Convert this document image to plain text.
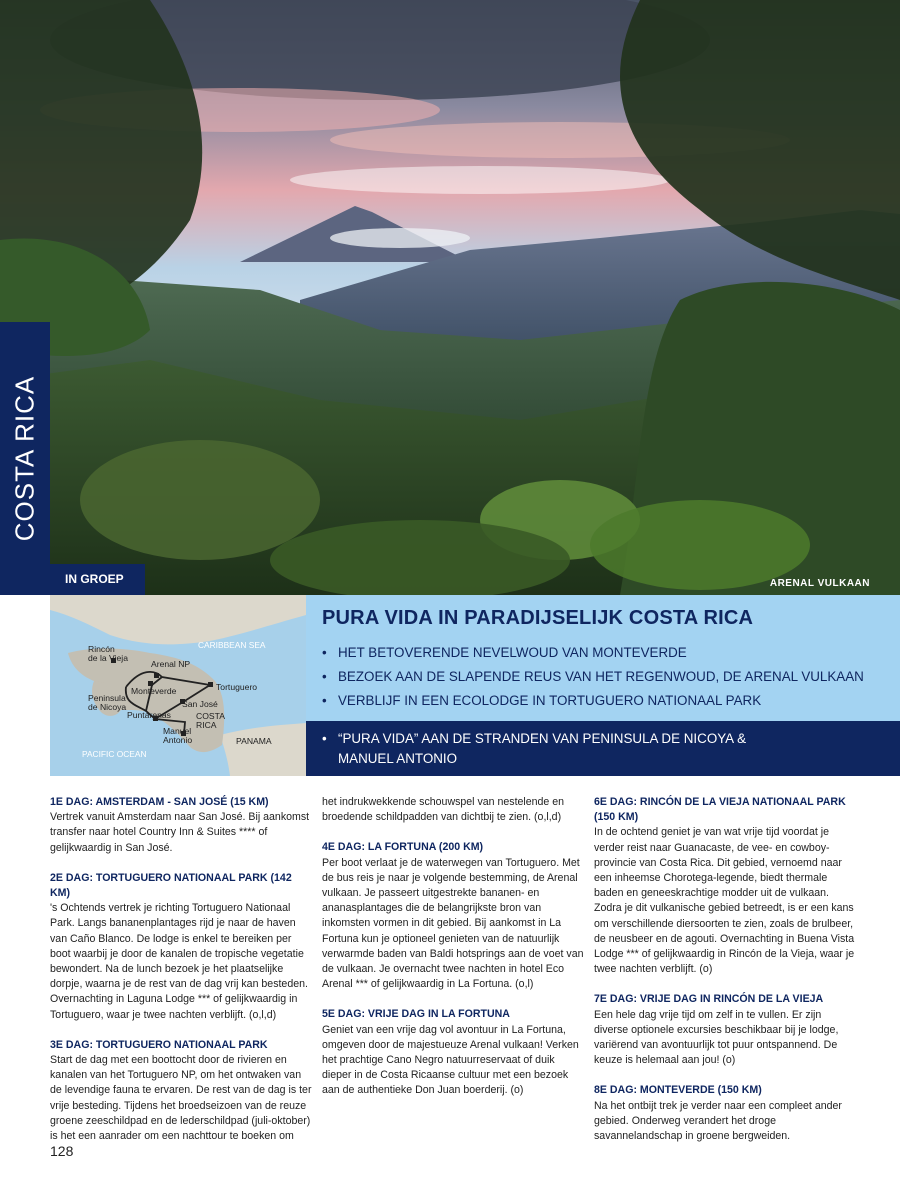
ARENAL VULKAAN
COSTA RICA
IN GROEP
CARIBBEAN SEA
PACIFIC OCEAN
COSTA RICA
PANAMA
Rincón de la Vieja
Arenal NP
Tortuguero
Monteverde
Peninsula de Nicoya	San José
Puntarenas
Manuel Antonio
PURA VIDA IN PARADIJSELIJK COSTA RICA
• HET BETOVERENDE NEVELWOUD VAN MONTEVERDE
• BEZOEK AAN DE SLAPENDE REUS VAN HET REGENWOUD, DE ARENAL VULKAAN
• VERBLIJF IN EEN ECOLODGE IN TORTUGUERO NATIONAAL PARK
• “PURA VIDA” AAN DE STRANDEN VAN PENINSULA DE NICOYA & MANUEL ANTONIO
1E DAG: AMSTERDAM - SAN JOSÉ (15 KM)

Vertrek vanuit Amsterdam naar San José. Bij aankomst transfer naar hotel Country Inn & Suites **** of gelijkwaardig in San José.

2E DAG: TORTUGUERO NATIONAAL PARK (142 KM)

's Ochtends vertrek je richting Tortuguero Nationaal Park. Langs bananenplantages rijd je naar de haven van Caño Blanco. De lodge is enkel te bereiken per boot waarbij je door de kanalen de tropische vegetatie bewondert. Na de lunch bezoek je het plaatselijke dorpje, waarna je de rest van de dag vrij kan besteden. Overnachting in Laguna Lodge *** of gelijkwaardig in Tortuguero, waar je twee nachten verblijft. (o,l,d)

3E DAG: TORTUGUERO NATIONAAL PARK

Start de dag met een boottocht door de rivieren en kanalen van het Tortuguero NP, om het ontwaken van de levendige fauna te ervaren. De rest van de dag is ter vrije besteding. Tijdens het broedseizoen van de reuze groene zeeschildpad en de lederschildpad (juli-oktober) is het een aanrader om een nachttour te boeken om

het indrukwekkende schouwspel van nestelende en broedende schildpadden van dichtbij te zien. (o,l,d)

4E DAG: LA FORTUNA (200 KM)

Per boot verlaat je de waterwegen van Tortuguero. Met de bus reis je naar je volgende bestemming, de Arenal vulkaan. Je passeert uitgestrekte bananen- en ananasplantages die de belangrijkste bron van inkomsten vormen in dit gebied. Bij aankomst in La Fortuna kun je optioneel genieten van de natuurlijk verwarmde baden van Baldi hotsprings aan de voet van de vulkaan. Je overnacht twee nachten in hotel Eco Arenal *** of gelijkwaardig in La Fortuna. (o,l)

5E DAG: VRIJE DAG IN LA FORTUNA

Geniet van een vrije dag vol avontuur in La Fortuna, omgeven door de majestueuze Arenal vulkaan! Verken het prachtige Cano Negro natuurreservaat of duik dieper in de Costa Ricaanse cultuur met een bezoek aan de authentieke Don Juan boerderij. (o)

6E DAG: RINCÓN DE LA VIEJA NATIONAAL PARK (150 KM)

In de ochtend geniet je van wat vrije tijd voordat je verder reist naar Guanacaste, de vee- en cowboy-provincie van Costa Rica. Dit gebied, vernoemd naar een inheemse Chorotega-legende, biedt thermale baden en geneeskrachtige modder uit de vulkaan. Zodra je dit vulkanische gebied betreedt, is er een kans om verschillende diersoorten te zien, zoals de brulbeer, de neusbeer en de agouti. Overnachting in Buena Vista Lodge *** of gelijkwaardig in Rincón de la Vieja, waar je twee nachten verblijft. (o)

7E DAG: VRIJE DAG IN RINCÓN DE LA VIEJA

Een hele dag vrije tijd om zelf in te vullen. Er zijn diverse optionele excursies beschikbaar bij je lodge, variërend van avontuurlijk tot puur ontspannend. De keuze is helemaal aan jou! (o)

8E DAG: MONTEVERDE (150 KM)

Na het ontbijt trek je verder naar een compleet ander gebied. Onderweg verandert het droge savannelandschap in groene bergweiden.

128
